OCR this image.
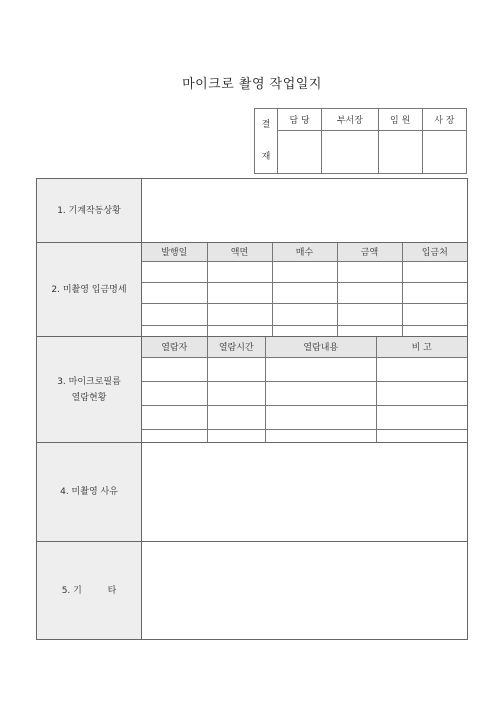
마이크로 촬영 작업일지
결
재	담 당	부서장	임 원	사 장

1. 기계작동상황	
2. 미촬영 입금명세	
발행일	액면	매수	금액	입금처

3. 마이크로필름
열람현황	
열람자	열람시간	열람내용	비 고

4. 미촬영 사유	
5. 기         타	
